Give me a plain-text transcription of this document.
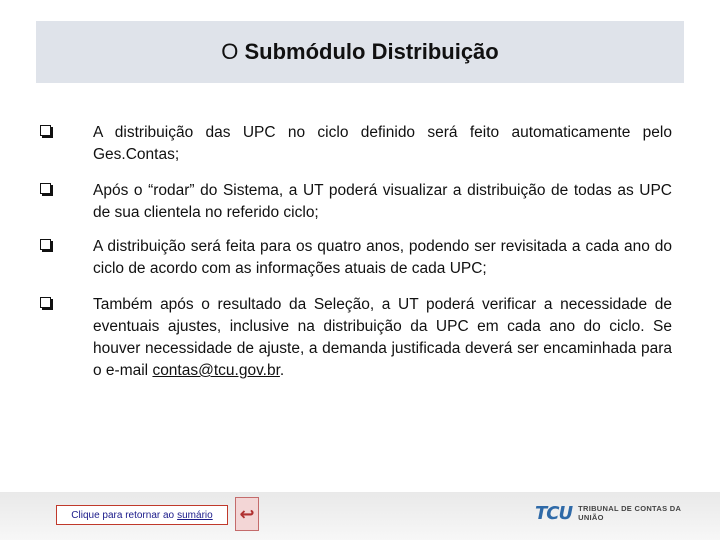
O
Submódulo Distribuição
A distribuição das UPC no ciclo definido será feito automaticamente pelo Ges.Contas;
Após o “rodar” do Sistema, a UT poderá visualizar a distribuição de todas as UPC de sua clientela no referido ciclo;
A distribuição será feita para os quatro anos, podendo ser revisitada a cada ano do ciclo de acordo com as informações atuais de cada UPC;
Também após o resultado da Seleção, a UT poderá verificar a necessidade de eventuais ajustes, inclusive na distribuição da UPC em cada ano do ciclo. Se houver necessidade de ajuste, a demanda justificada deverá ser encaminhada para o e-mail contas@tcu.gov.br.
Clique para retornar ao sumário ↩	TCU TRIBUNAL DE CONTAS DA UNIÃO
